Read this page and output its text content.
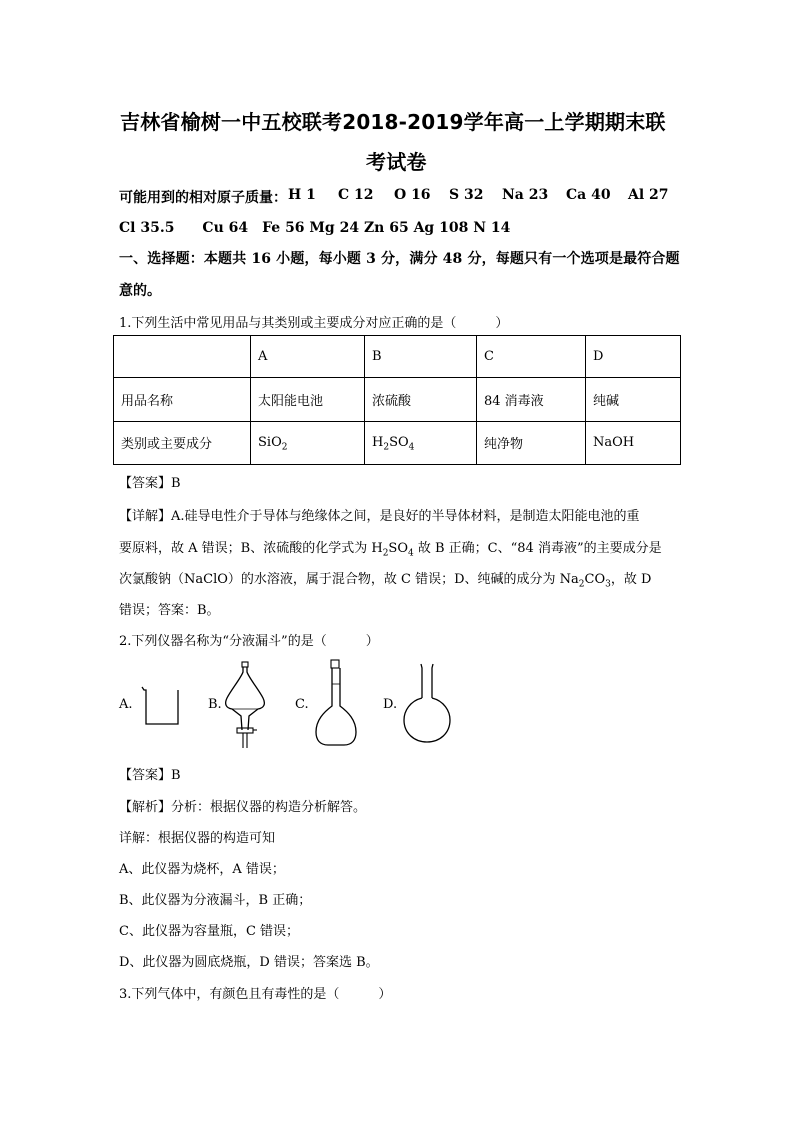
吉林省榆树一中五校联考2018-2019学年高一上学期期末联
考试卷
可能用到的相对原子质量： H 1 C 12 O 16 S 32 Na 23 Ca 40 Al 27
Cl 35.5　　Cu 64　Fe 56 Mg 24 Zn 65 Ag 108 N 14
一、选择题：本题共 16 小题，每小题 3 分，满分 48 分，每题只有一个选项是最符合题
意的。
1.下列生活中常见用品与其类别或主要成分对应正确的是（　　　）
	A	B	C	D
用品名称	太阳能电池	浓硫酸	84 消毒液	纯碱
类别或主要成分	SiO$_2$	$H_2SO_4$	纯净物	NaOH
【答案】B
【详解】A.硅导电性介于导体与绝缘体之间，是良好的半导体材料，是制造太阳能电池的重
要原料，故 A 错误；B、浓硫酸的化学式为 $H_2SO_4$ 故 B 正确；C、“84 消毒液”的主要成分是
次氯酸钠（NaClO）的水溶液，属于混合物，故 C 错误；D、纯碱的成分为 $Na_2CO_3$，故 D
错误；答案：B。
2.下列仪器名称为“分液漏斗”的是（　　　）
A.	B.	C.	D.
【答案】B
【解析】分析：根据仪器的构造分析解答。
详解：根据仪器的构造可知
A、此仪器为烧杯，A 错误；
B、此仪器为分液漏斗，B 正确；
C、此仪器为容量瓶，C 错误；
D、此仪器为圆底烧瓶，D 错误；答案选 B。
3.下列气体中，有颜色且有毒性的是（　　　）
